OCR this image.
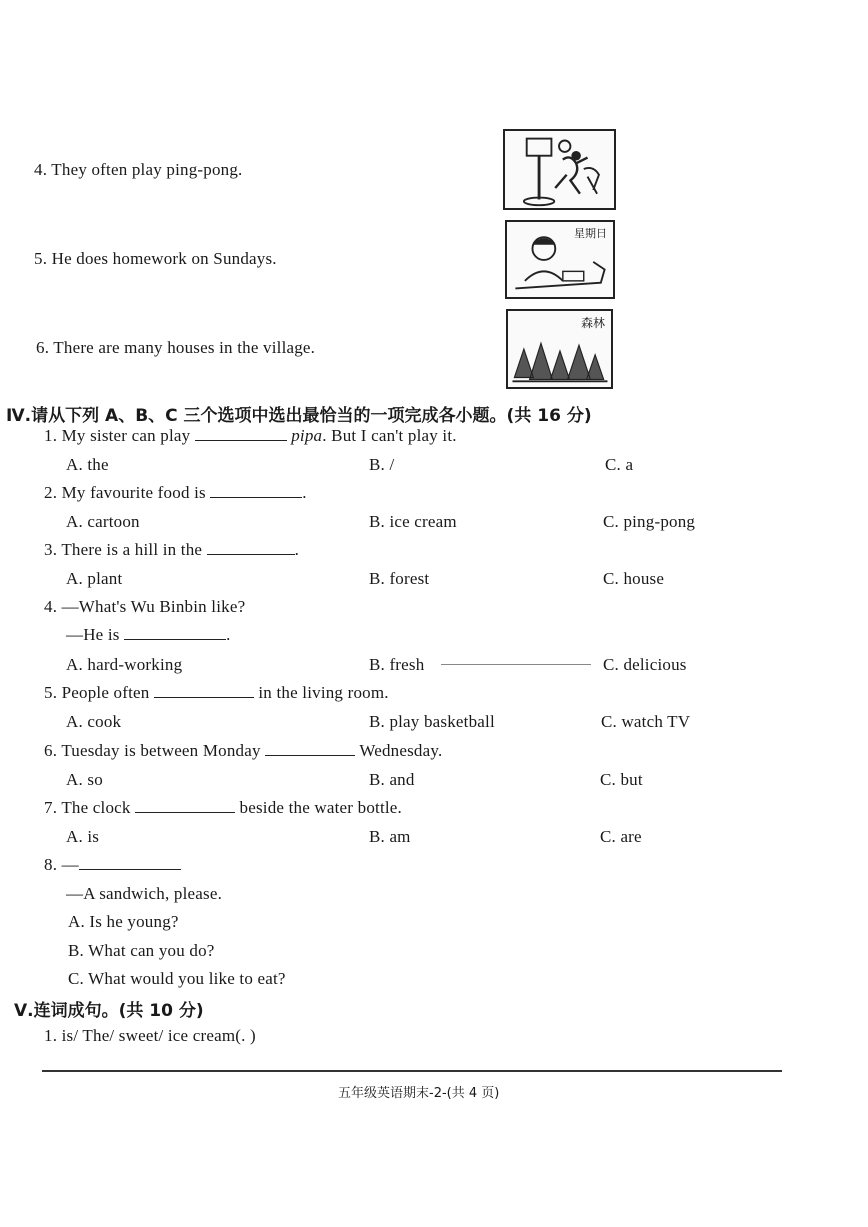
4. They often play ping-pong.
5. He does homework on Sundays.
星期日
6. There are many houses in the village.
森林
Ⅳ.请从下列 A、B、C 三个选项中选出最恰当的一项完成各小题。(共 16 分)
1. My sister can play	pipa. But I can't play it.
A. the	B. /	C. a
2. My favourite food is	.
A. cartoon	B. ice cream	C. ping-pong
3. There is a hill in the	.
A. plant	B. forest	C. house
4. —What's Wu Binbin like?
—He is	.
A. hard-working	B. fresh	C. delicious
5. People often	in the living room.
A. cook	B. play basketball	C. watch TV
6. Tuesday is between Monday	Wednesday.
A. so	B. and	C. but
7. The clock	beside the water bottle.
A. is	B. am	C. are
8. —
—A sandwich, please.
A. Is he young?
B. What can you do?
C. What would you like to eat?
Ⅴ.连词成句。(共 10 分)
1. is/ The/ sweet/ ice cream(. )
五年级英语期末-2-(共 4 页)
